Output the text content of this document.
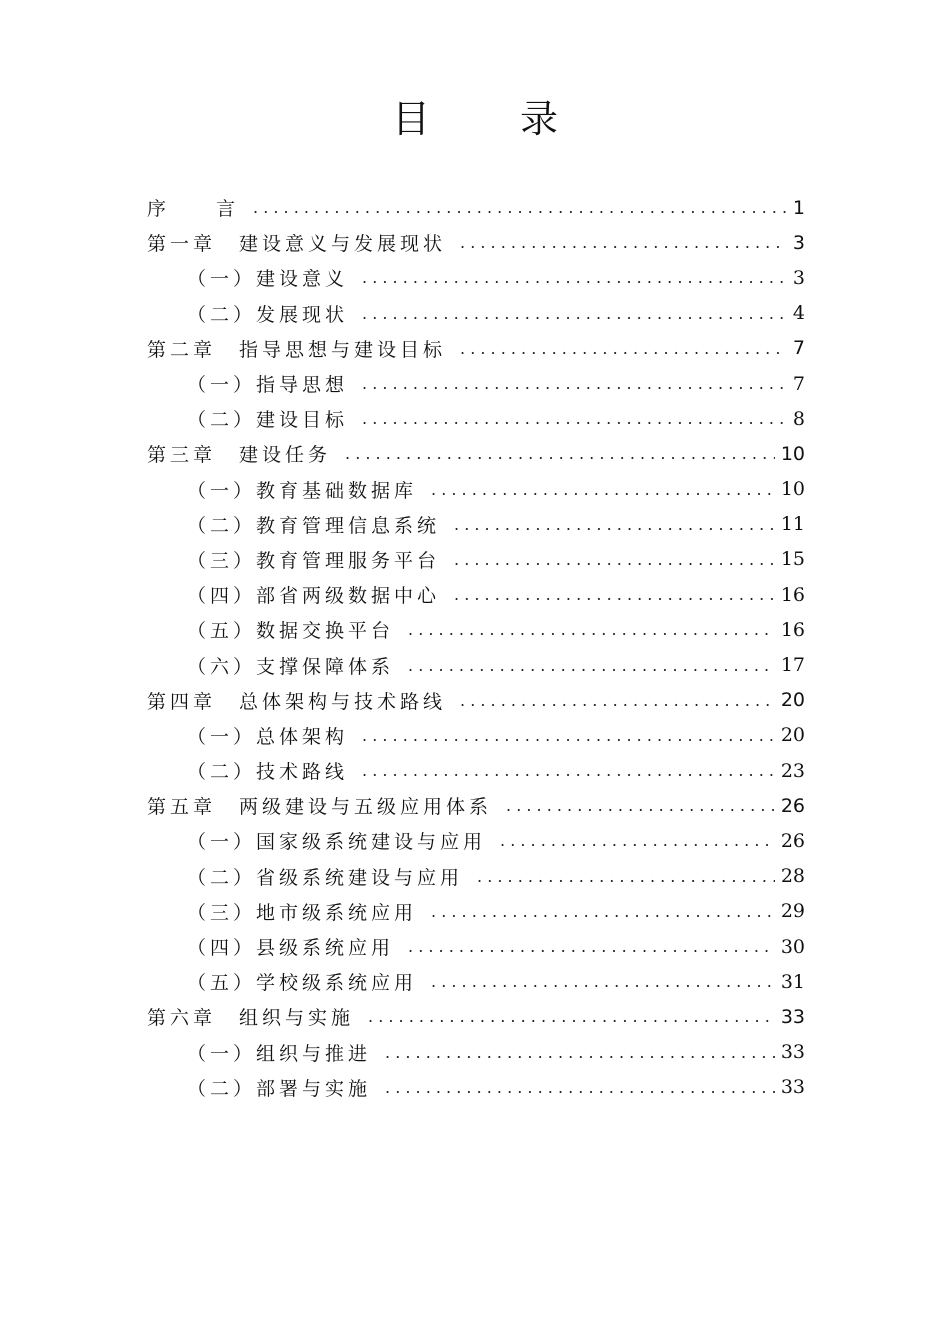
目　录
序　　言 . . .	1
第一章　建设意义与发展现状 . . .	3
（一）建设意义 . . .	3
（二）发展现状 . . .	4
第二章　指导思想与建设目标 . . .	7
（一）指导思想 . . .	7
（二）建设目标 . . .	8
第三章　建设任务 . . .	10
（一）教育基础数据库 . . .	10
（二）教育管理信息系统 . . .	11
（三）教育管理服务平台 . . .	15
（四）部省两级数据中心 . . .	16
（五）数据交换平台 . . .	16
（六）支撑保障体系 . . .	17
第四章　总体架构与技术路线 . . .	20
（一）总体架构 . . .	20
（二）技术路线 . . .	23
第五章　两级建设与五级应用体系 . . .	26
（一）国家级系统建设与应用 . . .	26
（二）省级系统建设与应用 . . .	28
（三）地市级系统应用 . . .	29
（四）县级系统应用 . . .	30
（五）学校级系统应用 . . .	31
第六章　组织与实施 . . .	33
（一）组织与推进 . . .	33
（二）部署与实施 . . .	33
